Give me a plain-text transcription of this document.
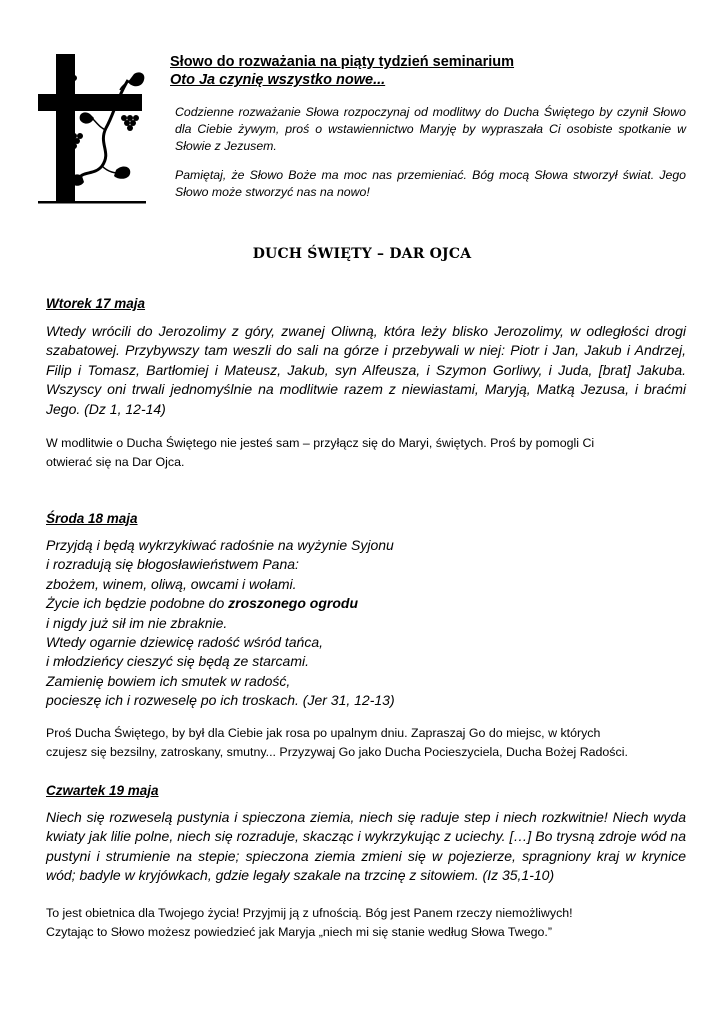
Słowo do rozważania na piąty tydzień seminarium
Oto Ja czynię wszystko nowe...

Codzienne rozważanie Słowa rozpoczynaj od modlitwy do Ducha Świętego by czynił Słowo dla Ciebie żywym, proś o wstawiennictwo Maryję by wypraszała Ci osobiste spotkanie w Słowie z Jezusem.

Pamiętaj, że Słowo Boże ma moc nas przemieniać. Bóg mocą Słowa stworzył świat. Jego Słowo może stworzyć nas na nowo!

DUCH ŚWIĘTY – DAR OJCA
Wtorek 17 maja

Wtedy wrócili do Jerozolimy z góry, zwanej Oliwną, która leży blisko Jerozolimy, w odległości drogi szabatowej. Przybywszy tam weszli do sali na górze i przebywali w niej: Piotr i Jan, Jakub i Andrzej, Filip i Tomasz, Bartłomiej i Mateusz, Jakub, syn Alfeusza, i Szymon Gorliwy, i Juda, [brat] Jakuba. Wszyscy oni trwali jednomyślnie na modlitwie razem z niewiastami, Maryją, Matką Jezusa, i braćmi Jego. (Dz 1, 12-14)

W modlitwie o Ducha Świętego nie jesteś sam – przyłącz się do Maryi, świętych. Proś by pomogli Ci
otwierać się na Dar Ojca.

Środa 18 maja

Przyjdą i będą wykrzykiwać radośnie na wyżynie Syjonu
i rozradują się błogosławieństwem Pana:
zbożem, winem, oliwą, owcami i wołami.
Życie ich będzie podobne do zroszonego ogrodu
i nigdy już sił im nie zbraknie.
Wtedy ogarnie dziewicę radość wśród tańca,
i młodzieńcy cieszyć się będą ze starcami.
Zamienię bowiem ich smutek w radość,
pocieszę ich i rozweselę po ich troskach. (Jer 31, 12-13)

Proś Ducha Świętego, by był dla Ciebie jak rosa po upalnym dniu. Zapraszaj Go do miejsc, w których
czujesz się bezsilny, zatroskany, smutny... Przyzywaj Go jako Ducha Pocieszyciela, Ducha Bożej Radości.

Czwartek 19 maja

Niech się rozweselą pustynia i spieczona ziemia, niech się raduje step i niech rozkwitnie! Niech wyda kwiaty jak lilie polne, niech się rozraduje, skacząc i wykrzykując z uciechy. […] Bo trysną zdroje wód na pustyni i strumienie na stepie; spieczona ziemia zmieni się w pojezierze, spragniony kraj w krynice wód; badyle w kryjówkach, gdzie legały szakale na trzcinę z sitowiem. (Iz 35,1-10)

To jest obietnica dla Twojego życia! Przyjmij ją z ufnością. Bóg jest Panem rzeczy niemożliwych!
Czytając to Słowo możesz powiedzieć jak Maryja „niech mi się stanie według Słowa Twego.”
